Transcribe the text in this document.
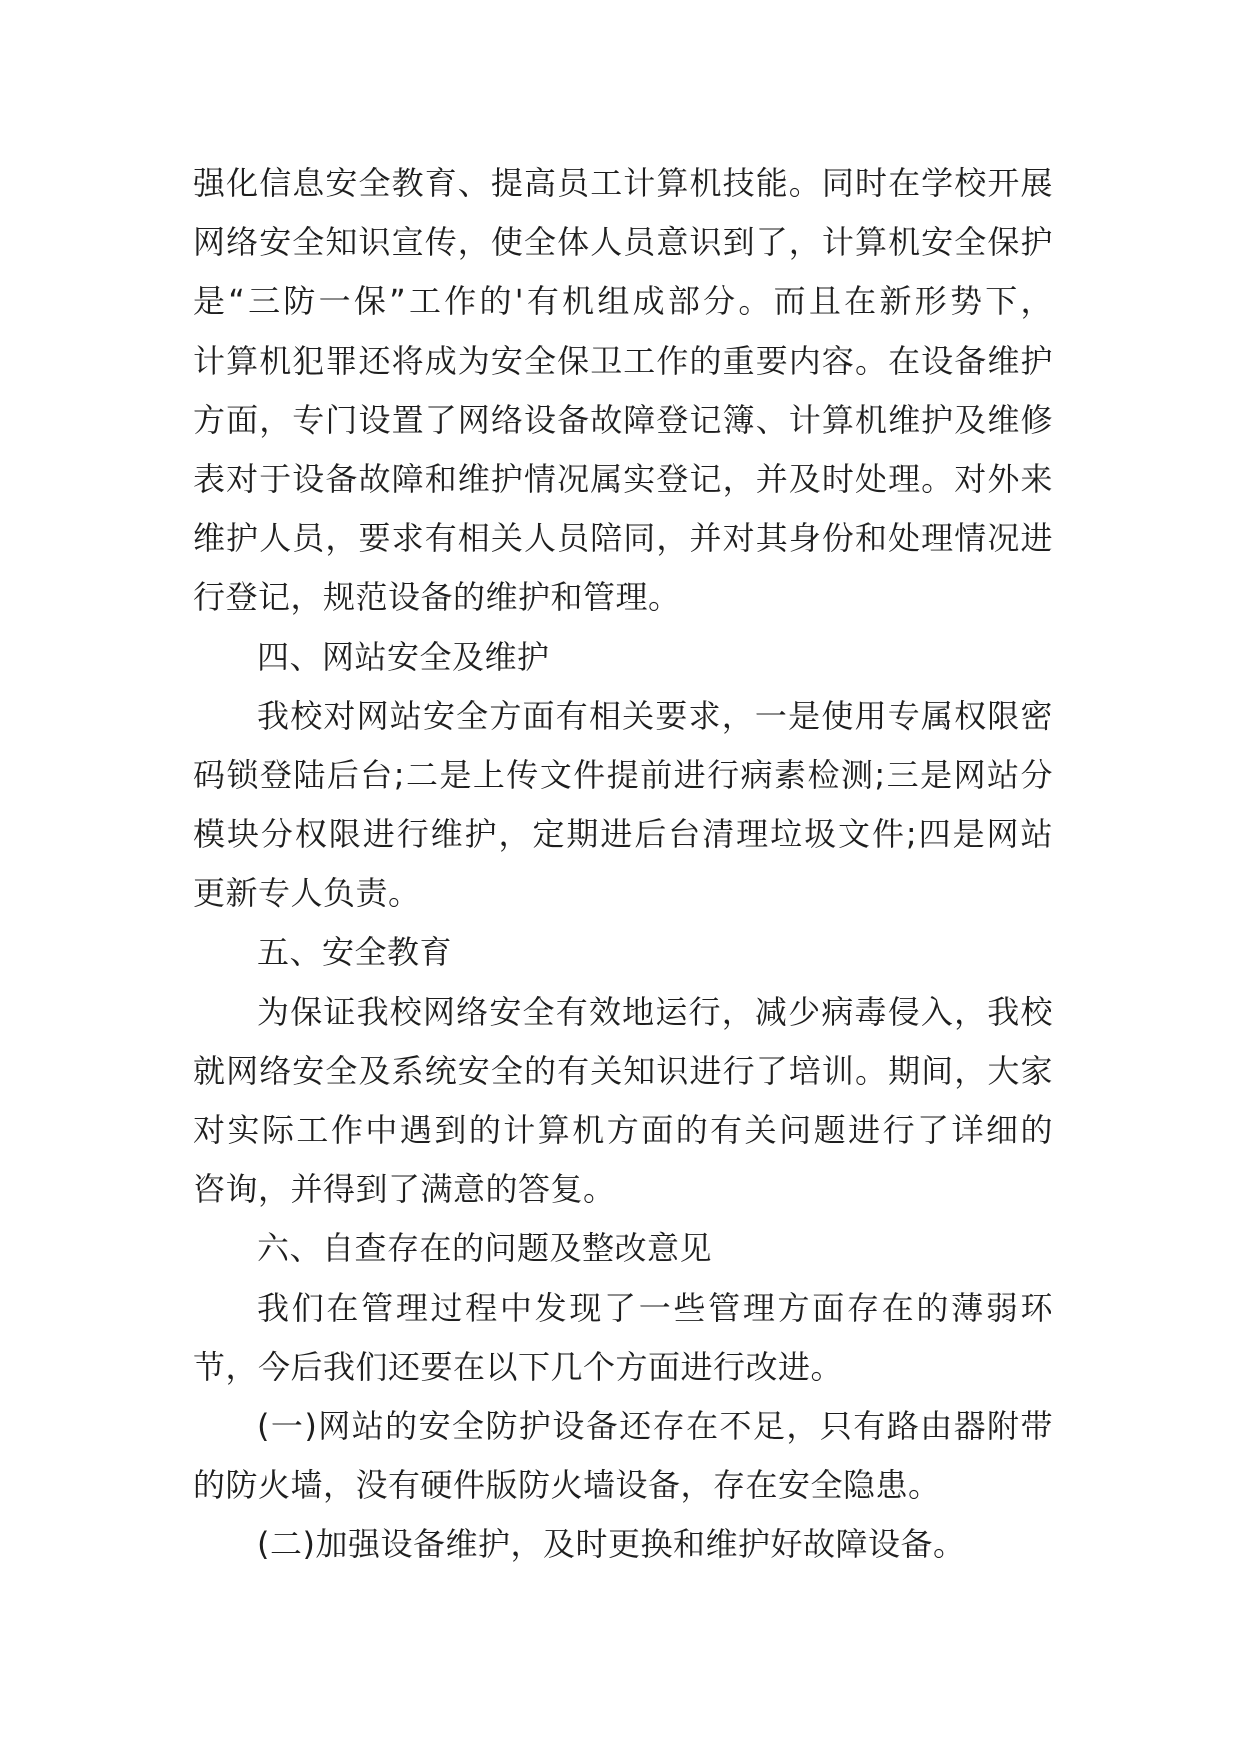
强化信息安全教育、提高员工计算机技能。同时在学校开展
网络安全知识宣传，使全体人员意识到了，计算机安全保护
是“三防一保”工作的'有机组成部分。而且在新形势下，
计算机犯罪还将成为安全保卫工作的重要内容。在设备维护
方面，专门设置了网络设备故障登记簿、计算机维护及维修
表对于设备故障和维护情况属实登记，并及时处理。对外来
维护人员，要求有相关人员陪同，并对其身份和处理情况进
行登记，规范设备的维护和管理。
四、网站安全及维护
我校对网站安全方面有相关要求，一是使用专属权限密
码锁登陆后台;二是上传文件提前进行病素检测;三是网站分
模块分权限进行维护，定期进后台清理垃圾文件;四是网站
更新专人负责。
五、安全教育
为保证我校网络安全有效地运行，减少病毒侵入，我校
就网络安全及系统安全的有关知识进行了培训。期间，大家
对实际工作中遇到的计算机方面的有关问题进行了详细的
咨询，并得到了满意的答复。
六、自查存在的问题及整改意见
我们在管理过程中发现了一些管理方面存在的薄弱环
节，今后我们还要在以下几个方面进行改进。
(一)网站的安全防护设备还存在不足，只有路由器附带
的防火墙，没有硬件版防火墙设备，存在安全隐患。
(二)加强设备维护，及时更换和维护好故障设备。
